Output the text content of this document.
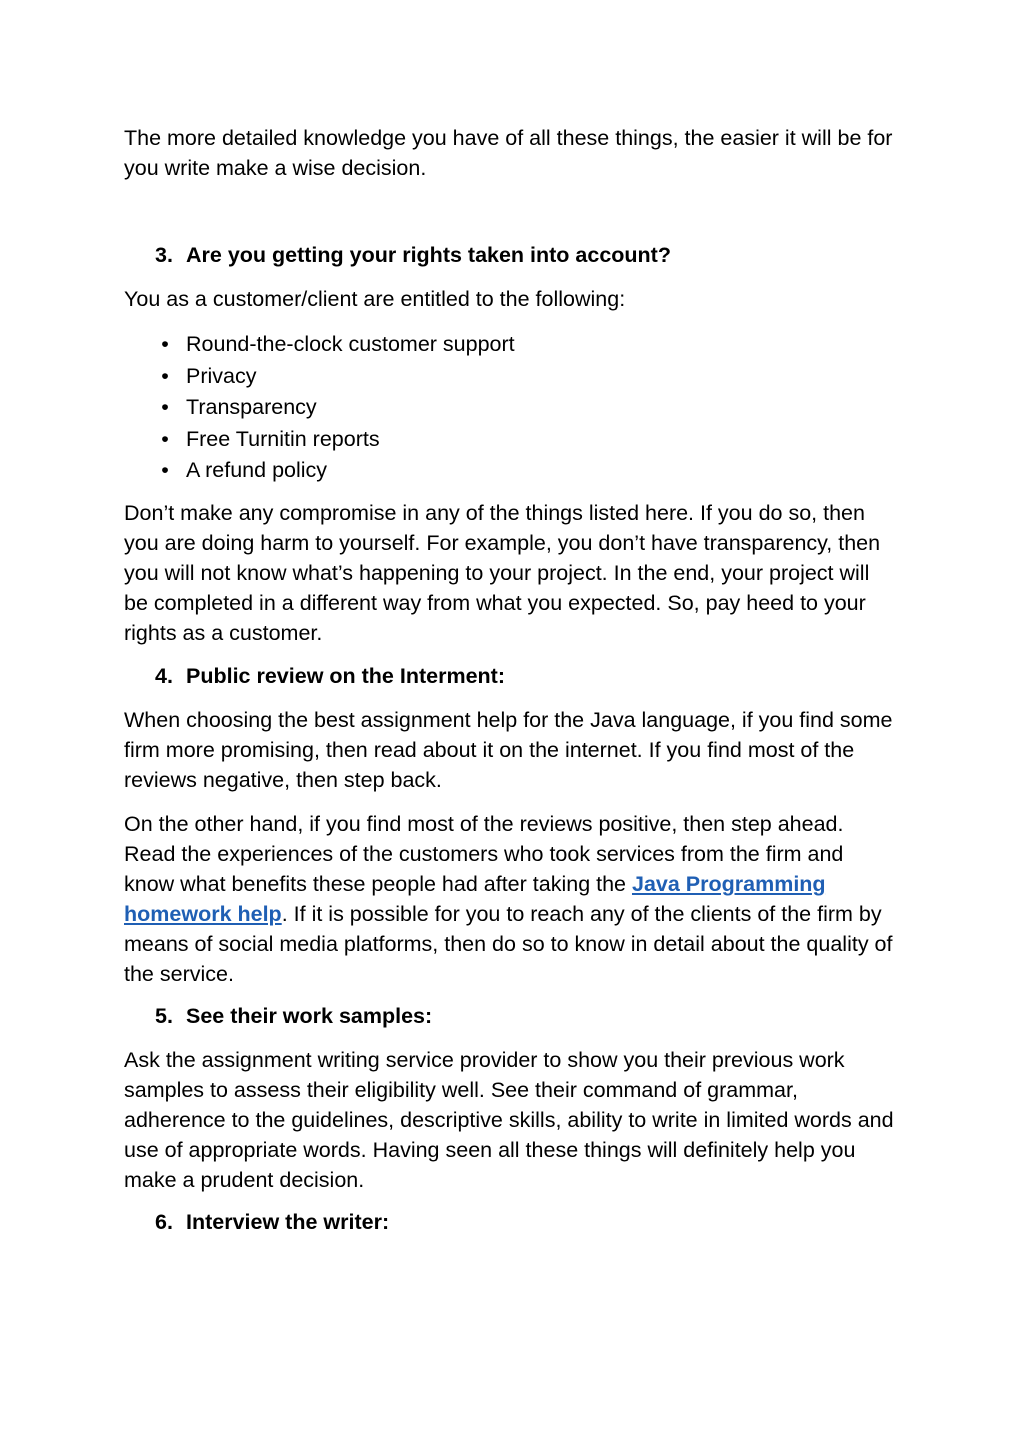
The more detailed knowledge you have of all these things, the easier it will be for you write make a wise decision.

3. Are you getting your rights taken into account?

You as a customer/client are entitled to the following:

• Round-the-clock customer support
• Privacy
• Transparency
• Free Turnitin reports
• A refund policy

Don’t make any compromise in any of the things listed here. If you do so, then you are doing harm to yourself. For example, you don’t have transparency, then you will not know what’s happening to your project. In the end, your project will be completed in a different way from what you expected. So, pay heed to your rights as a customer.

4. Public review on the Interment:

When choosing the best assignment help for the Java language, if you find some firm more promising, then read about it on the internet. If you find most of the reviews negative, then step back.

On the other hand, if you find most of the reviews positive, then step ahead. Read the experiences of the customers who took services from the firm and know what benefits these people had after taking the Java Programming homework help. If it is possible for you to reach any of the clients of the firm by means of social media platforms, then do so to know in detail about the quality of the service.

5. See their work samples:

Ask the assignment writing service provider to show you their previous work samples to assess their eligibility well. See their command of grammar, adherence to the guidelines, descriptive skills, ability to write in limited words and use of appropriate words. Having seen all these things will definitely help you make a prudent decision.

6. Interview the writer:
